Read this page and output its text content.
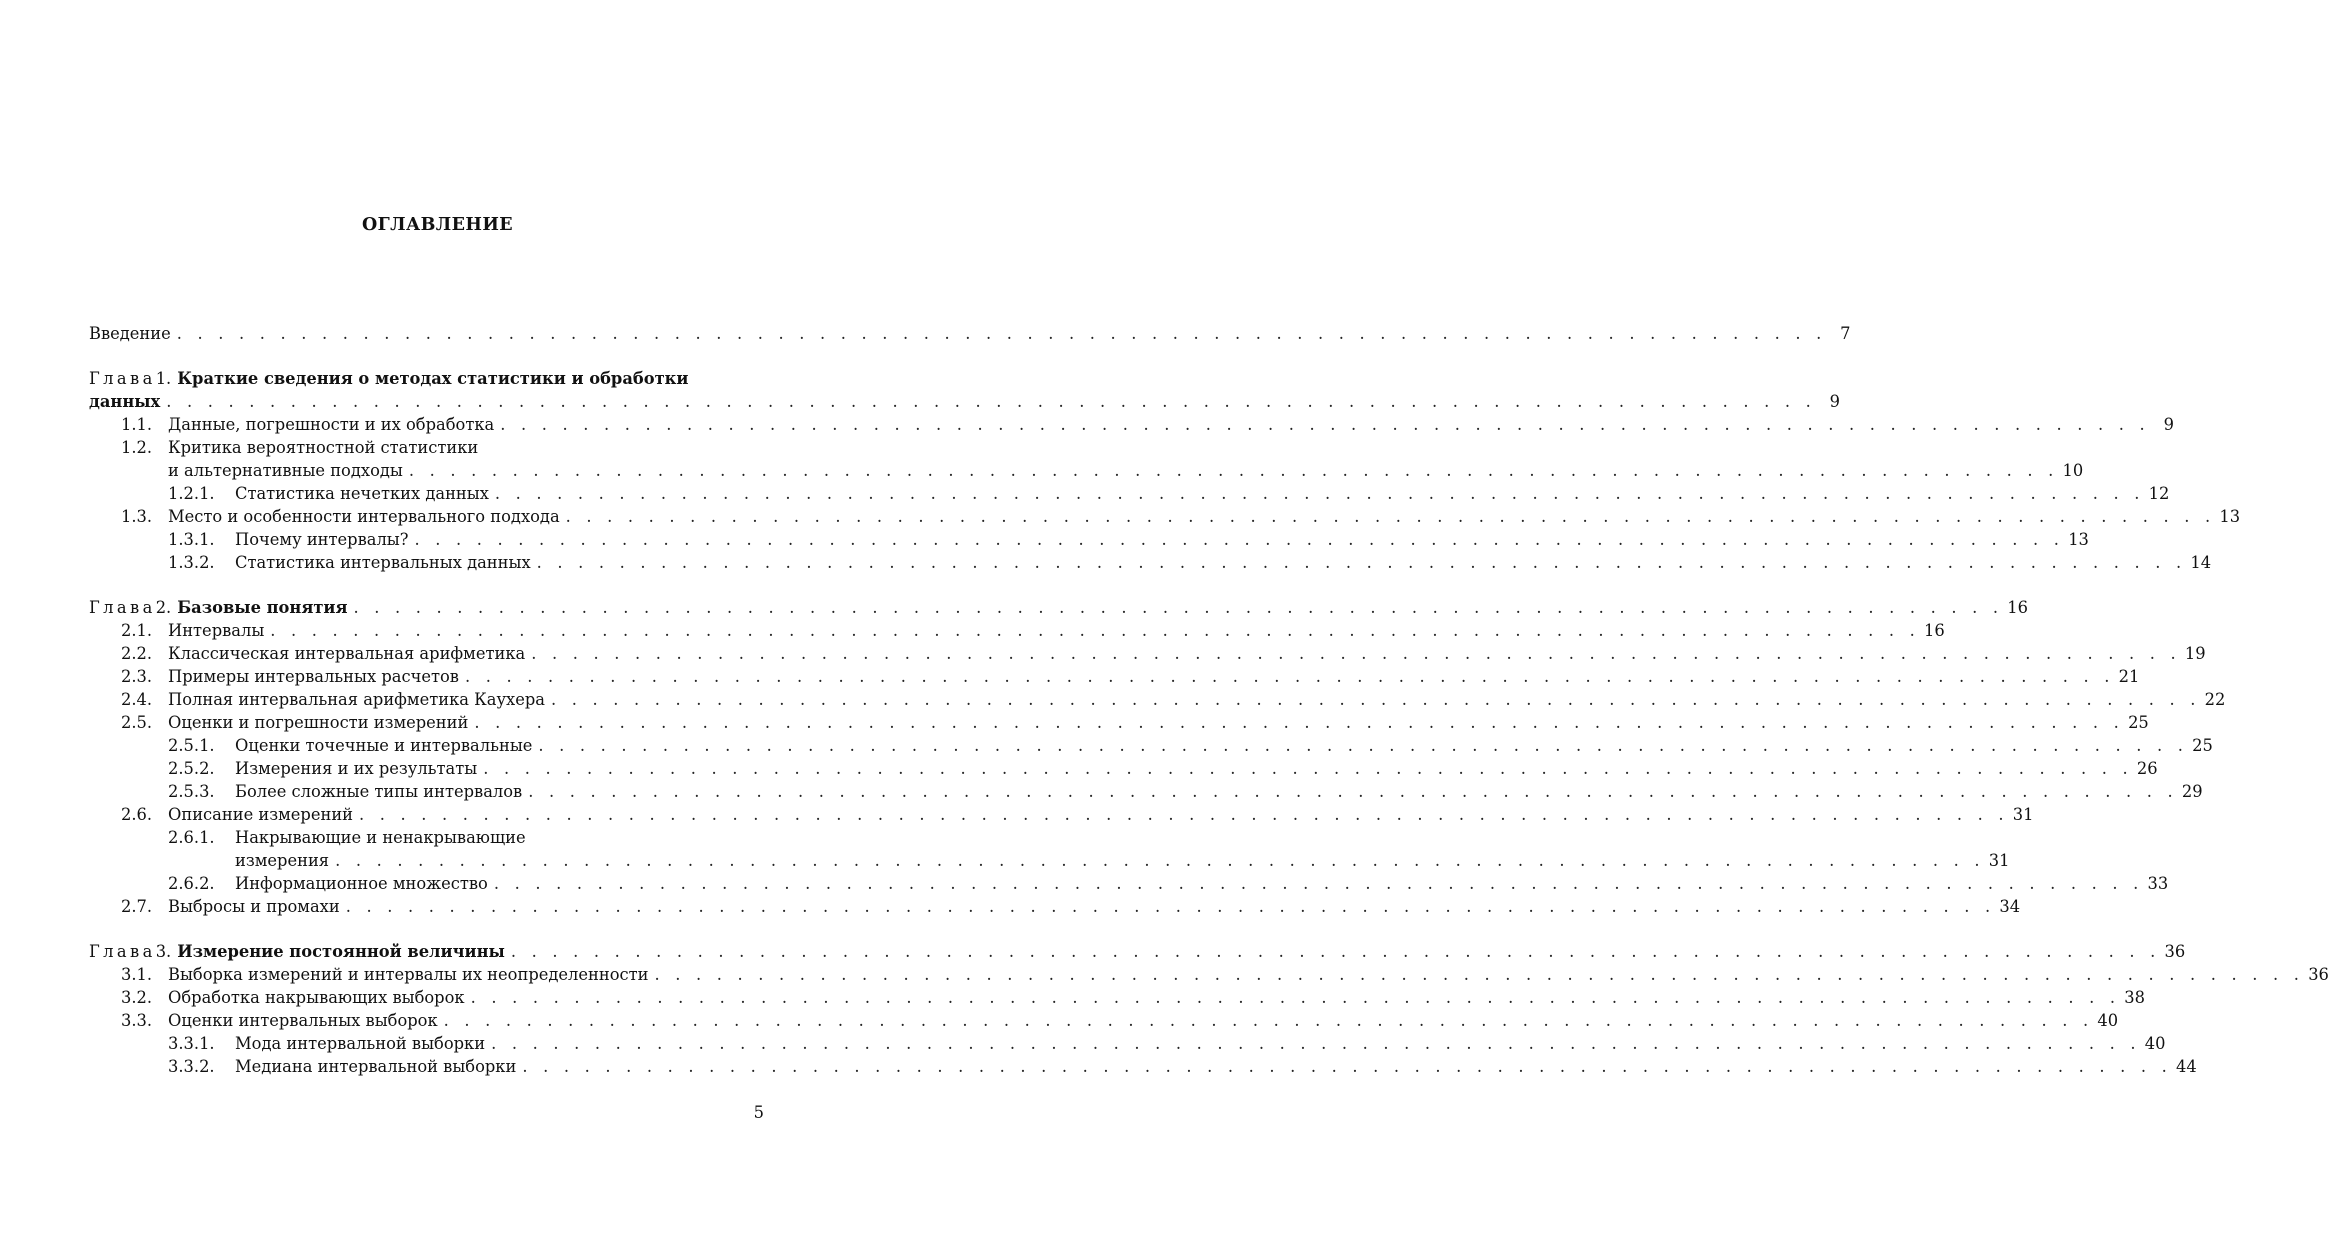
ОГЛАВЛЕНИЕ
Введение . . .	7
Глава 1. Краткие сведения о методах статистики и обработки
данных . . .	9
1.1. Данные, погрешности и их обработка . . .	9
1.2. Критика вероятностной статистики
и альтернативные подходы . . .	10
1.2.1.	Статистика нечетких данных . . .	12
1.3. Место и особенности интервального подхода . . .	13
1.3.1.	Почему интервалы? . . .	13
1.3.2.	Статистика интервальных данных . . .	14
Глава 2. Базовые понятия . . .	16
2.1. Интервалы . . .	16
2.2. Классическая интервальная арифметика . . .	19
2.3. Примеры интервальных расчетов . . .	21
2.4. Полная интервальная арифметика Каухера . . .	22
2.5. Оценки и погрешности измерений . . .	25
2.5.1.	Оценки точечные и интервальные . . .	25
2.5.2.	Измерения и их результаты . . .	26
2.5.3.	Более сложные типы интервалов . . .	29
2.6. Описание измерений . . .	31
2.6.1.	Накрывающие и ненакрывающие
измерения . . .	31
2.6.2.	Информационное множество . . .	33
2.7. Выбросы и промахи . . .	34
Глава 3. Измерение постоянной величины . . .	36
3.1. Выборка измерений и интервалы их неопределенности . . .	36
3.2. Обработка накрывающих выборок . . .	38
3.3. Оценки интервальных выборок . . .	40
3.3.1.	Мода интервальной выборки . . .	40
3.3.2.	Медиана интервальной выборки . . .	44
5
